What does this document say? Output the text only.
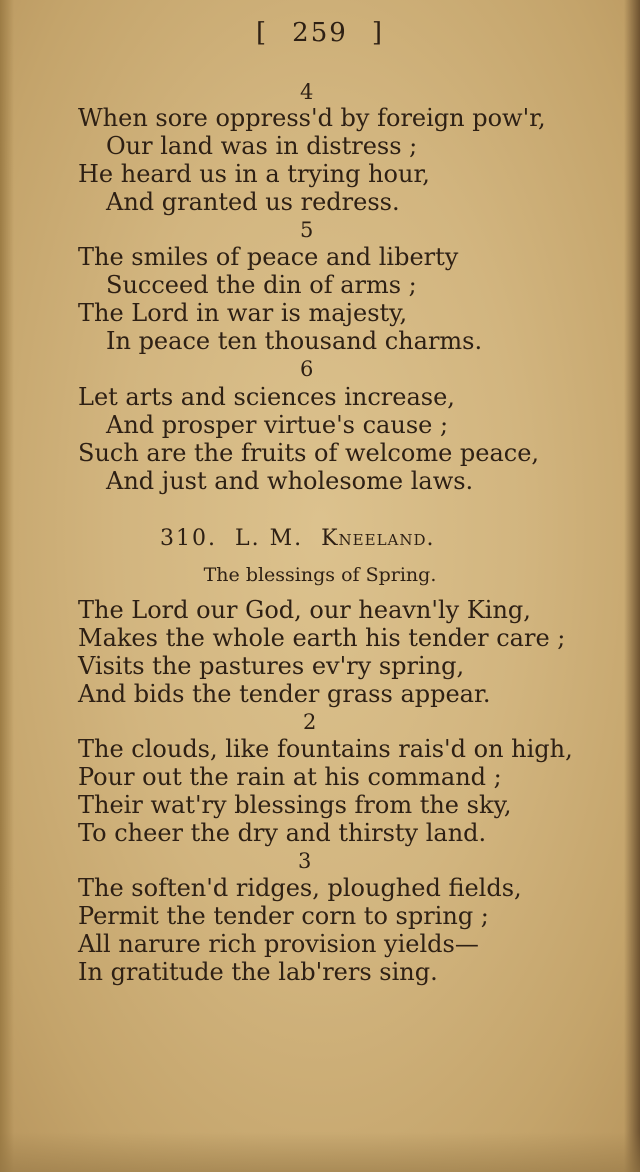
[ 259 ]
4
When sore oppress'd by foreign pow'r,
Our land was in distress ;
He heard us in a trying hour,
And granted us redress.
5
The smiles of peace and liberty
Succeed the din of arms ;
The Lord in war is majesty,
In peace ten thousand charms.
6
Let arts and sciences increase,
And prosper virtue's cause ;
Such are the fruits of welcome peace,
And just and wholesome laws.
310. L. M. Kneeland.
The blessings of Spring.
The Lord our God, our heavn'ly King,
Makes the whole earth his tender care ;
Visits the pastures ev'ry spring,
And bids the tender grass appear.
2
The clouds, like fountains rais'd on high,
Pour out the rain at his command ;
Their wat'ry blessings from the sky,
To cheer the dry and thirsty land.
3
The soften'd ridges, ploughed fields,
Permit the tender corn to spring ;
All narure rich provision yields—
In gratitude the lab'rers sing.
